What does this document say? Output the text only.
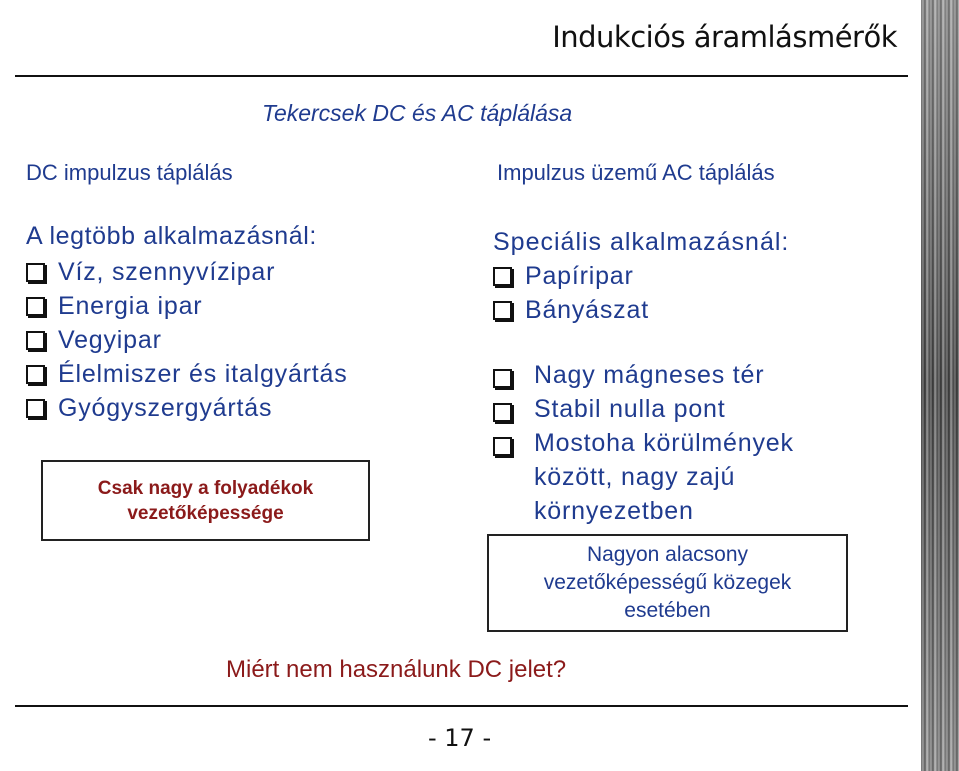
Indukciós áramlásmérők
Tekercsek DC és AC táplálása
DC impulzus táplálás
A legtöbb alkalmazásnál:
Víz, szennyvízipar
Energia ipar
Vegyipar
Élelmiszer és italgyártás
Gyógyszergyártás
Csak nagy a folyadékok
vezetőképessége
Impulzus üzemű AC táplálás
Speciális alkalmazásnál:
Papíripar
Bányászat
Nagy mágneses tér
Stabil nulla pont
Mostoha körülmények
között, nagy zajú
környezetben
Nagyon alacsony
vezetőképességű közegek
esetében
Miért nem használunk DC jelet?
- 17 -
